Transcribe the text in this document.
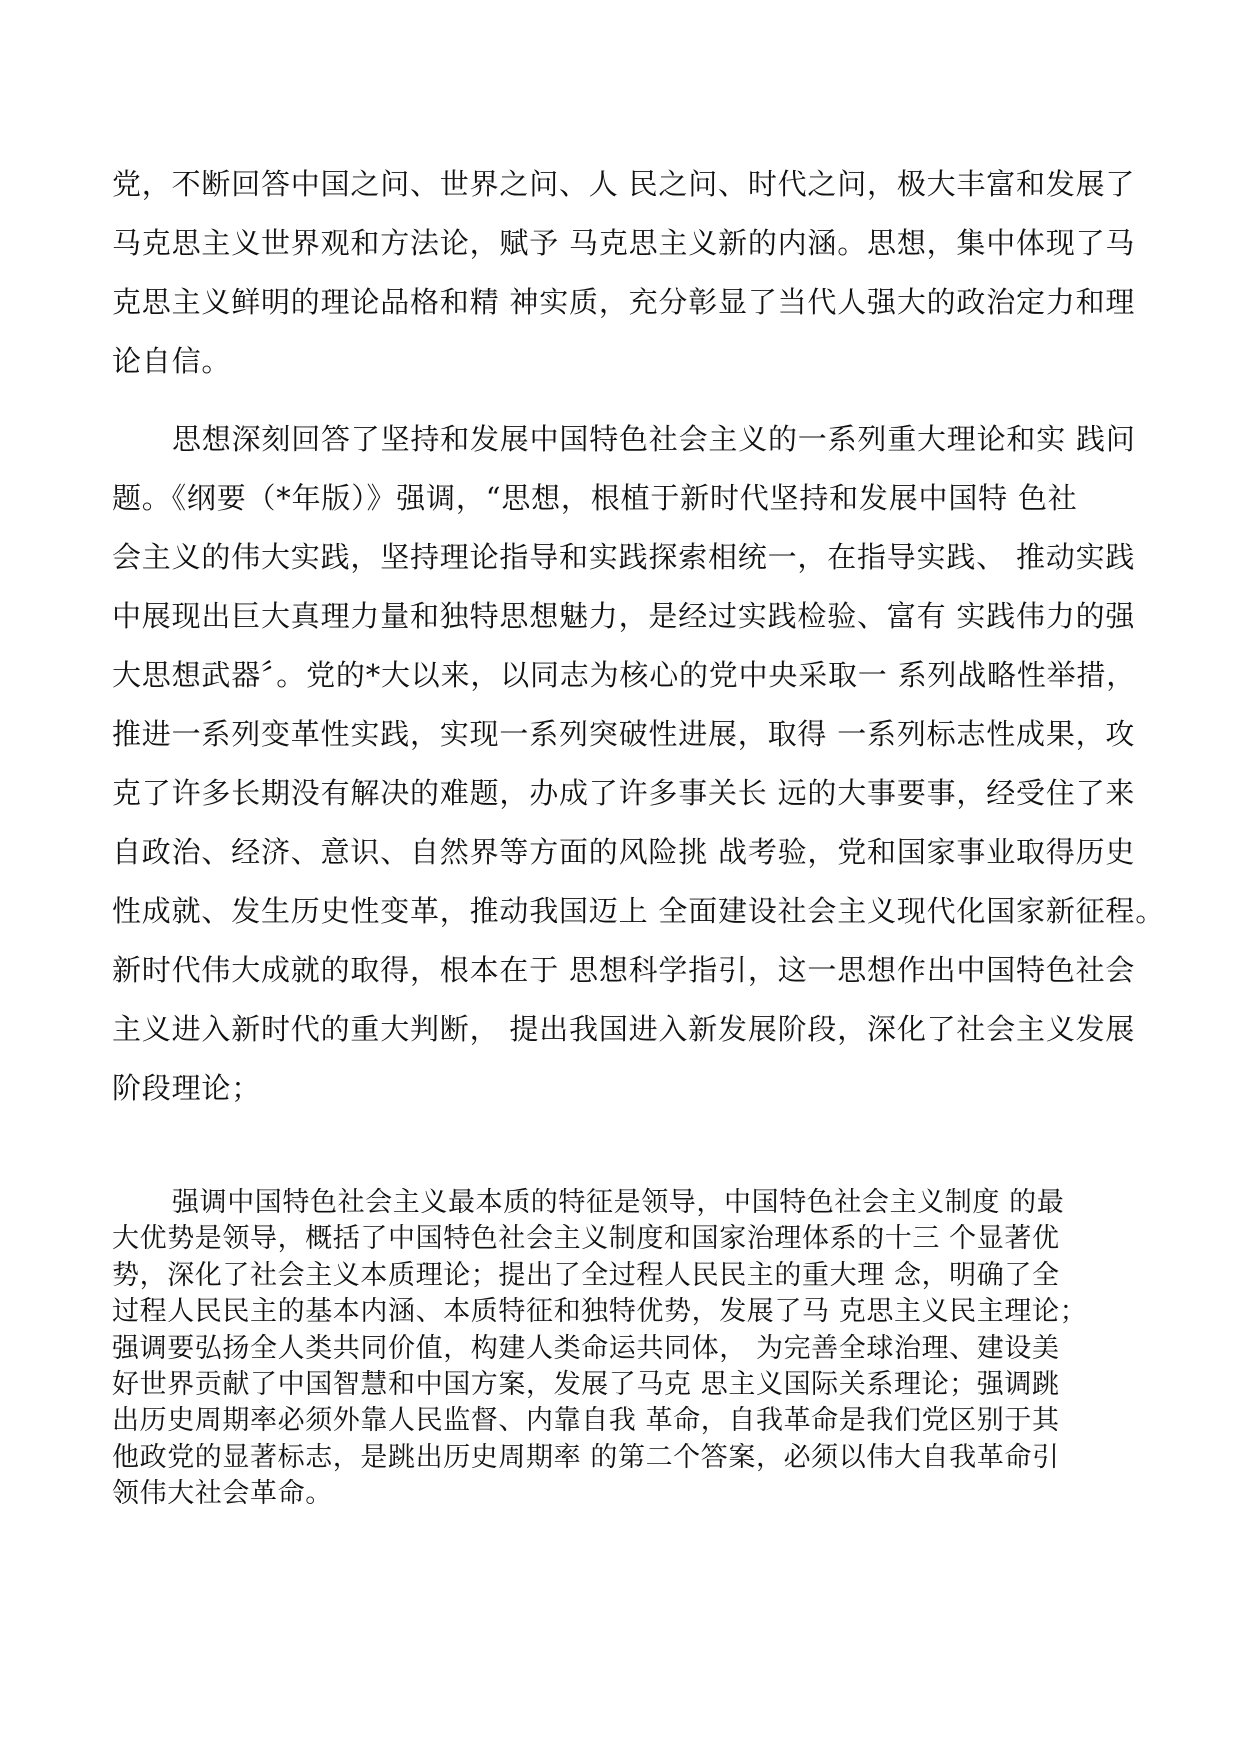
党，不断回答中国之问、世界之问、人 民之问、时代之问，极大丰富和发展了
马克思主义世界观和方法论，赋予 马克思主义新的内涵。思想，集中体现了马
克思主义鲜明的理论品格和精 神实质，充分彰显了当代人强大的政治定力和理
论自信。
思想深刻回答了坚持和发展中国特色社会主义的一系列重大理论和实 践问
题。《纲要（*年版）》强调，“思想，根植于新时代坚持和发展中国特 色社
会主义的伟大实践，坚持理论指导和实践探索相统一，在指导实践、 推动实践
中展现出巨大真理力量和独特思想魅力，是经过实践检验、富有 实践伟力的强
大思想武器〞。党的*大以来，以同志为核心的党中央采取一 系列战略性举措，
推进一系列变革性实践，实现一系列突破性进展，取得 一系列标志性成果，攻
克了许多长期没有解决的难题，办成了许多事关长 远的大事要事，经受住了来
自政治、经济、意识、自然界等方面的风险挑 战考验，党和国家事业取得历史
性成就、发生历史性变革，推动我国迈上 全面建设社会主义现代化国家新征程。
新时代伟大成就的取得，根本在于 思想科学指引，这一思想作出中国特色社会
主义进入新时代的重大判断， 提出我国进入新发展阶段，深化了社会主义发展
阶段理论；
强调中国特色社会主义最本质的特征是领导，中国特色社会主义制度 的最
大优势是领导，概括了中国特色社会主义制度和国家治理体系的十三 个显著优
势，深化了社会主义本质理论；提出了全过程人民民主的重大理 念，明确了全
过程人民民主的基本内涵、本质特征和独特优势，发展了马 克思主义民主理论；
强调要弘扬全人类共同价值，构建人类命运共同体， 为完善全球治理、建设美
好世界贡献了中国智慧和中国方案，发展了马克 思主义国际关系理论；强调跳
出历史周期率必须外靠人民监督、内靠自我 革命，自我革命是我们党区别于其
他政党的显著标志，是跳出历史周期率 的第二个答案，必须以伟大自我革命引
领伟大社会革命。
